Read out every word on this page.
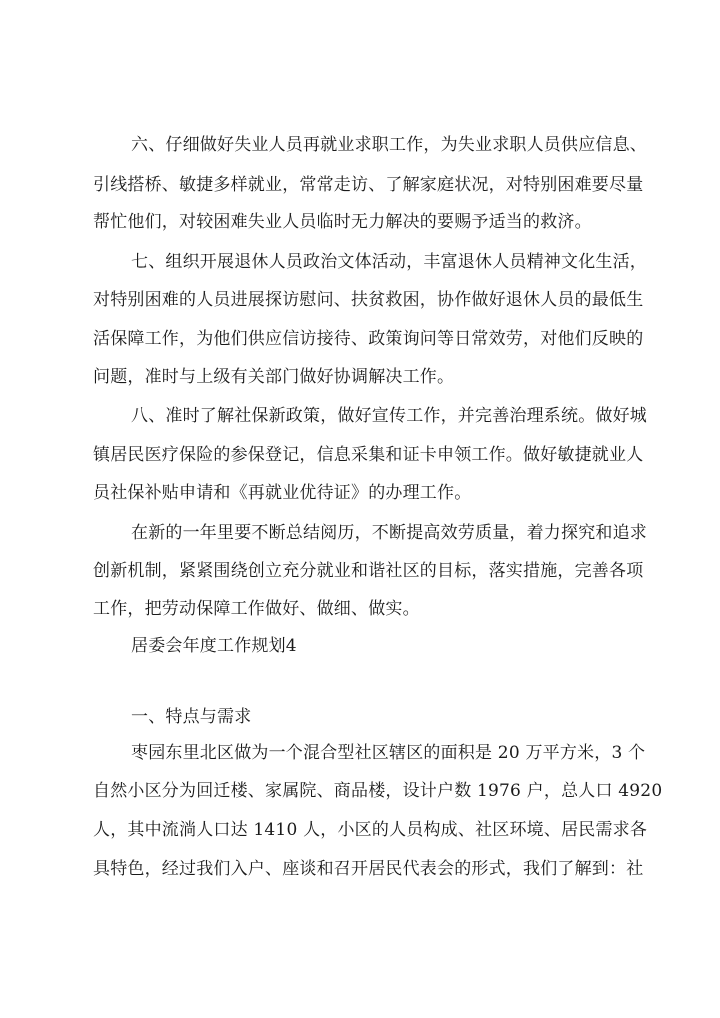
六、仔细做好失业人员再就业求职工作，为失业求职人员供应信息、
引线搭桥、敏捷多样就业，常常走访、了解家庭状况，对特别困难要尽量
帮忙他们，对较困难失业人员临时无力解决的要赐予适当的救济。
七、组织开展退休人员政治文体活动，丰富退休人员精神文化生活，
对特别困难的人员进展探访慰问、扶贫救困，协作做好退休人员的最低生
活保障工作，为他们供应信访接待、政策询问等日常效劳，对他们反映的
问题，准时与上级有关部门做好协调解决工作。
八、准时了解社保新政策，做好宣传工作，并完善治理系统。做好城
镇居民医疗保险的参保登记，信息采集和证卡申领工作。做好敏捷就业人
员社保补贴申请和《再就业优待证》的办理工作。
在新的一年里要不断总结阅历，不断提高效劳质量，着力探究和追求
创新机制，紧紧围绕创立充分就业和谐社区的目标，落实措施，完善各项
工作，把劳动保障工作做好、做细、做实。
居委会年度工作规划4
一、特点与需求
枣园东里北区做为一个混合型社区辖区的面积是 20 万平方米，3 个
自然小区分为回迁楼、家属院、商品楼，设计户数 1976 户，总人口 4920
人，其中流淌人口达 1410 人，小区的人员构成、社区环境、居民需求各
具特色，经过我们入户、座谈和召开居民代表会的形式，我们了解到：社
